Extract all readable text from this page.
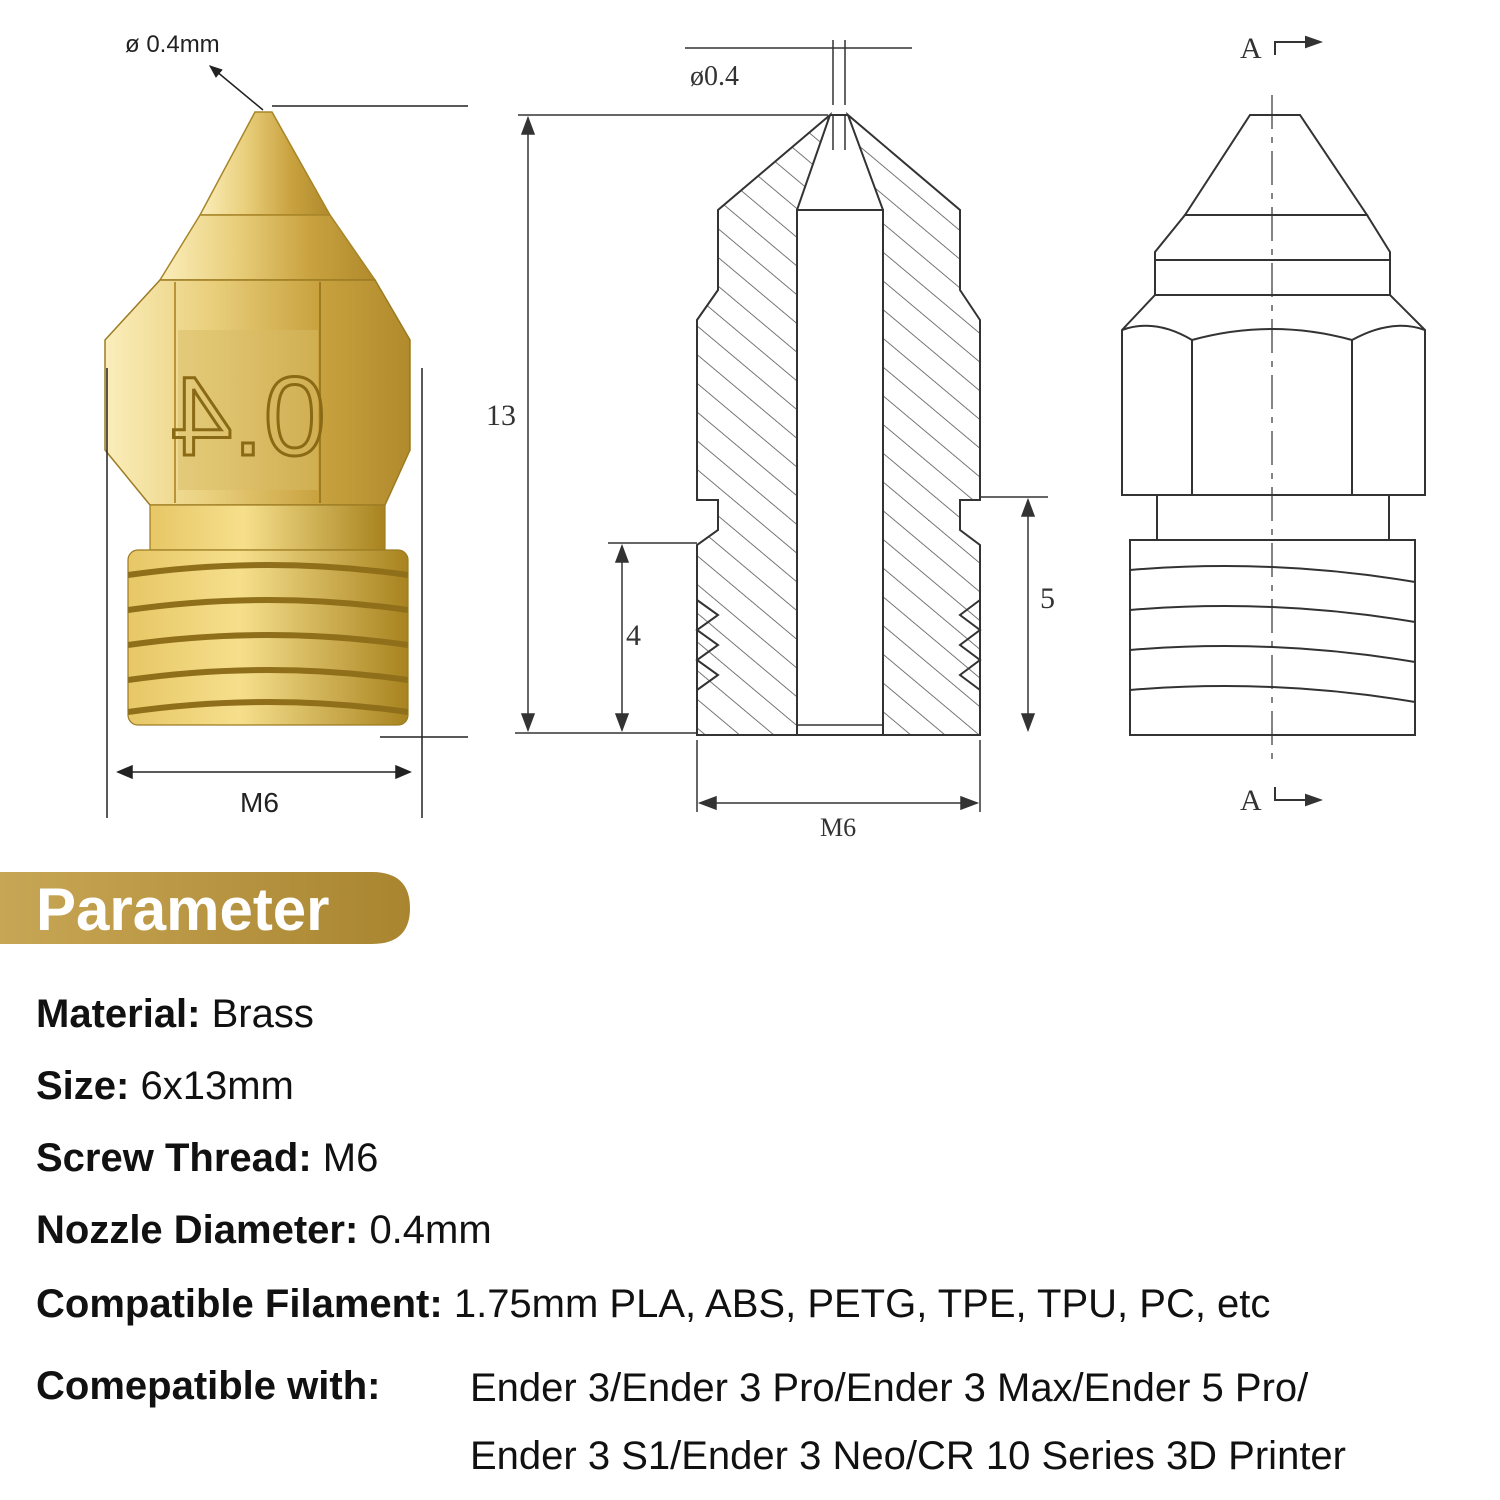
0.4
ø 0.4mm
M6
ø0.4
13
4
5
M6
A
A
Parameter
Material: Brass
Size: 6x13mm
Screw Thread: M6
Nozzle Diameter: 0.4mm
Compatible Filament: 1.75mm PLA, ABS, PETG, TPE, TPU, PC, etc
Comepatible with: Ender 3/Ender 3 Pro/Ender 3 Max/Ender 5 Pro/
Ender 3 S1/Ender 3 Neo/CR 10 Series 3D Printer
